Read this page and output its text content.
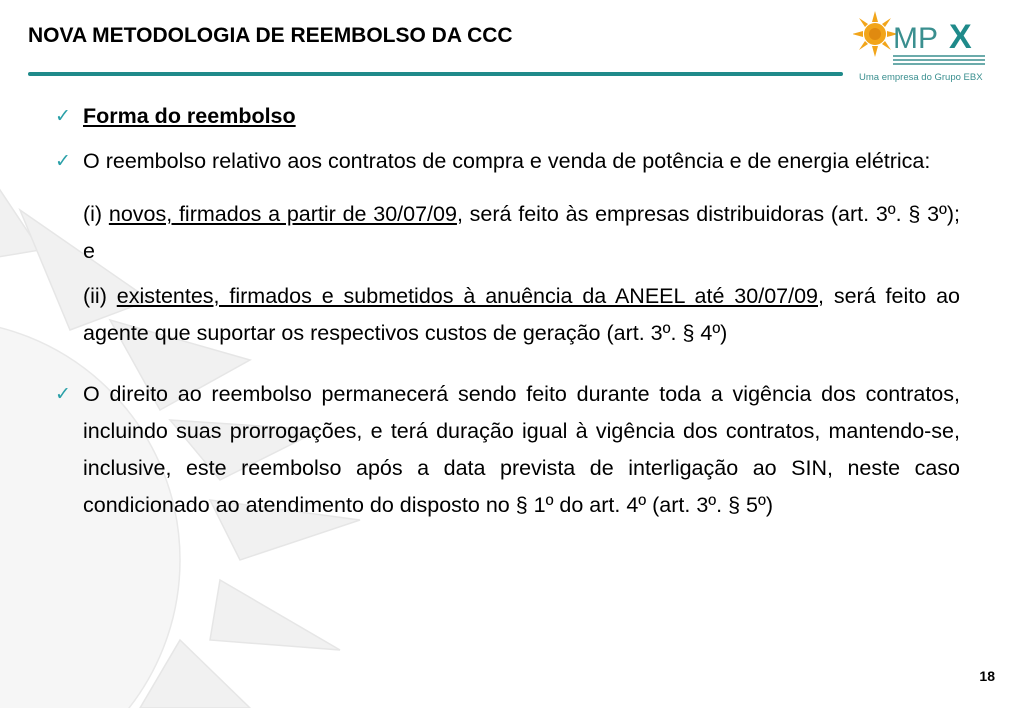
NOVA METODOLOGIA DE REEMBOLSO DA CCC	MP X
Uma empresa do Grupo EBX
✓ Forma do reembolso
✓ O reembolso relativo aos contratos de compra e venda de potência e de energia elétrica:
(i) novos, firmados a partir de 30/07/09, será feito às empresas distribuidoras (art. 3º. § 3º); e
(ii) existentes, firmados e submetidos à anuência da ANEEL até 30/07/09, será feito ao agente que suportar os respectivos custos de geração (art. 3º. § 4º)
✓ O direito ao reembolso permanecerá sendo feito durante toda a vigência dos contratos, incluindo suas prorrogações, e terá duração igual à vigência dos contratos, mantendo-se, inclusive, este reembolso após a data prevista de interligação ao SIN, neste caso condicionado ao atendimento do disposto no § 1º do art. 4º (art. 3º. § 5º)
18
